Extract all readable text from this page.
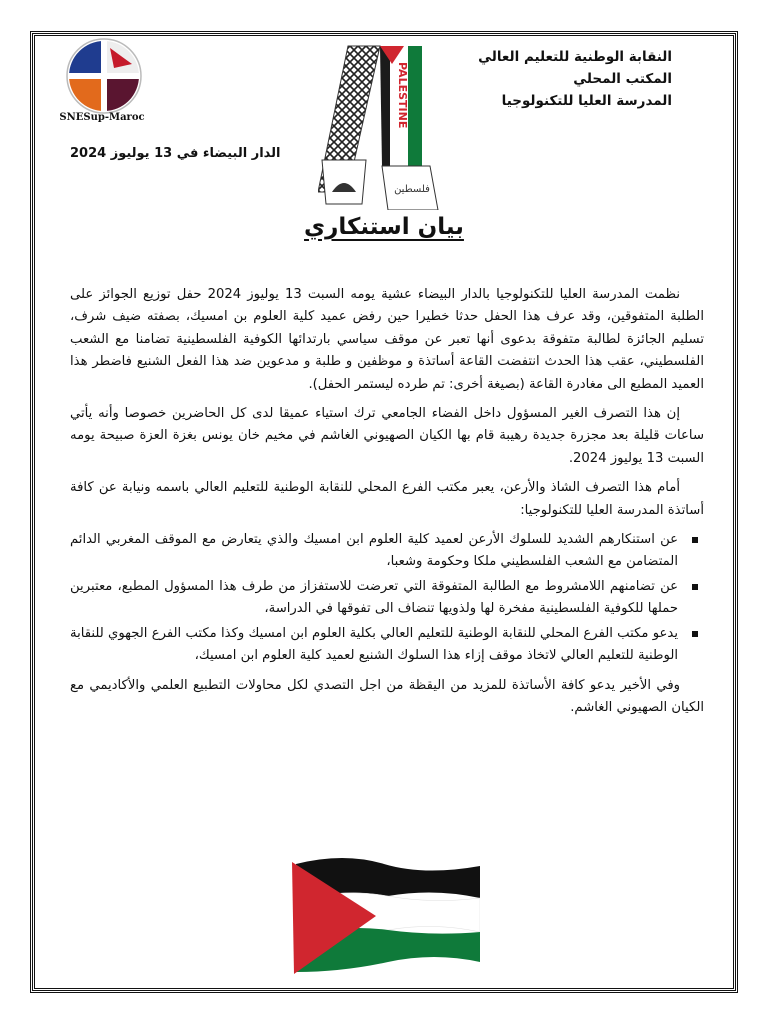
SNESup-Maroc
النقابة الوطنية للتعليم العالي
المكتب المحلي
المدرسة العليا للتكنولوجيا
الدار البيضاء في 13 يوليوز 2024
PALESTINE
فلسطين
بيان استنكاري

نظمت المدرسة العليا للتكنولوجيا بالدار البيضاء عشية يومه السبت 13 يوليوز 2024 حفل توزيع الجوائز على الطلبة المتفوقين، وقد عرف هذا الحفل حدثا خطيرا حين رفض عميد كلية العلوم بن امسيك، بصفته ضيف شرف، تسليم الجائزة لطالبة متفوقة بدعوى أنها تعبر عن موقف سياسي بارتدائها الكوفية الفلسطينية تضامنا مع الشعب الفلسطيني، عقب هذا الحدث انتفضت القاعة أساتذة و موظفين و طلبة و مدعوين ضد هذا الفعل الشنيع فاضطر هذا العميد المطبع الى مغادرة القاعة (بصيغة أخرى: تم طرده ليستمر الحفل).

إن هذا التصرف الغير المسؤول داخل الفضاء الجامعي ترك استياء عميقا لدى كل الحاضرين خصوصا وأنه يأتي ساعات قليلة بعد مجزرة جديدة رهيبة قام بها الكيان الصهيوني الغاشم في مخيم خان يونس بغزة العزة صبيحة يومه السبت 13 يوليوز 2024.

أمام هذا التصرف الشاذ والأرعن، يعبر مكتب الفرع المحلي للنقابة الوطنية للتعليم العالي باسمه ونيابة عن كافة أساتذة المدرسة العليا للتكنولوجيا:

عن استنكارهم الشديد للسلوك الأرعن لعميد كلية العلوم ابن امسيك والذي يتعارض مع الموقف المغربي الدائم المتضامن مع الشعب الفلسطيني ملكا وحكومة وشعبا،
عن تضامنهم اللامشروط مع الطالبة المتفوقة التي تعرضت للاستفزاز من طرف هذا المسؤول المطبع، معتبرين حملها للكوفية الفلسطينية مفخرة لها ولذويها تنضاف الى تفوقها في الدراسة،
يدعو مكتب الفرع المحلي للنقابة الوطنية للتعليم العالي بكلية العلوم ابن امسيك وكذا مكتب الفرع الجهوي للنقابة الوطنية للتعليم العالي لاتخاذ موقف إزاء هذا السلوك الشنيع لعميد كلية العلوم ابن امسيك،

وفي الأخير يدعو كافة الأساتذة للمزيد من اليقظة من اجل التصدي لكل محاولات التطبيع العلمي والأكاديمي مع الكيان الصهيوني الغاشم.
